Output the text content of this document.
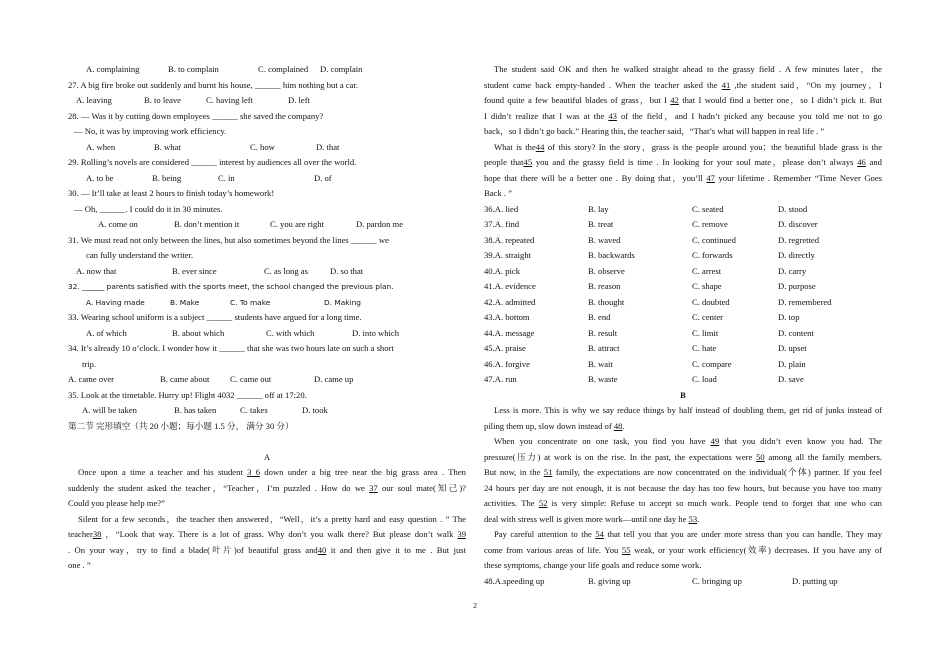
A. complaining	B. to complain	C. complained D. complain
27. A big fire broke out suddenly and burnt his house, ______ him nothing but a car.
A. leaving	B. to leave	C. having left	D. left
28. — Was it by cutting down employees ______ she saved the company?
— No, it was by improving work efficiency.
A. when	B. what	C. how	D. that
29. Rolling’s novels are considered ______ interest by audiences all over the world.
A. to be	B. being	C. in	D. of
30. — It’ll take at least 2 hours to finish today’s homework!
— Oh, ______. I could do it in 30 minutes.
A. come on	B. don’t mention it	C. you are right	D. pardon me
31. We must read not only between the lines, but also sometimes beyond the lines ______ we
can fully understand the writer.
A. now that	B. ever since	C. as long as	D. so that
32. ______ parents satisfied with the sports meet, the school changed the previous plan.
A. Having made	B. Make	C. To make	D. Making
33. Wearing school uniform is a subject ______ students have argued for a long time.
A. of which	B. about which	C. with which	D. into which
34. It’s already 10 o’clock. I wonder how it ______ that she was two hours late on such a short
trip.
A. came over	B. came about C. came out	D. came up
35. Look at the timetable. Hurry up! Flight 4032 ______ off at 17:20.
A. will be taken	B. has taken	C. takes	D. took
第二节 完形填空（共 20 小题；每小题 1.5 分， 满分 30 分）
A
Once upon a time a teacher and his student 3 6 down under a big tree near the big grass area . Then
suddenly the student asked the teacher，“Teacher，I’m puzzled . How do we 37 our soul mate(知己)?
Could you please help me?”
Silent for a few seconds，the teacher then answered，“Well，it’s a pretty hard and easy question . ” The
teacher38 ，“Look that way. There is a lot of grass. Why don’t you walk there? But please don’t walk 39
. On your way，try to find a blade(叶片)of beautiful grass and40 it and then give it to me . But just
one . ”
The student said OK and then he walked straight ahead to the grassy field . A few minutes later，the
student came back empty-handed . When the teacher asked the 41 ,the student said，“On my journey，I
found quite a few beautiful blades of grass，but I 42 that I would find a better one，so I didn’t pick it. But
I didn’t realize that I was at the 43 of the field，and I hadn’t picked any because you told me not to go
back，so I didn’t go back.” Hearing this, the teacher said，“That’s what will happen in real life . ”
What is the44 of this story? In the story，grass is the people around you；the beautiful blade grass is the
people that45 you and the grassy field is time . In looking for your soul mate，please don’t always 46 and
hope that there will be a better one . By doing that，you’ll 47 your lifetime . Remember “Time Never Goes
Back . ”
36.A. lied	B. lay	C. seated	D. stood
37.A. find	B. treat	C. remove	D. discover
38.A. repeated	B. waved	C. continued	D. regretted
39.A. straight	B. backwards	C. forwards	D. directly
40.A. pick	B. observe	C. arrest	D. carry
41.A. evidence	B. reason	C. shape	D. purpose
42.A. admitted	B. thought	C. doubted	D. remembered
43.A. bottom	B. end	C. center	D. top
44.A. message	B. result	C. limit	D. content
45.A. praise	B. attract	C. hate	D. upset
46.A. forgive	B. wait	C. compare	D. plain
47.A. run	B. waste	C. load	D. save
B
Less is more. This is why we say reduce things by half instead of doubling them, get rid of junks instead of
piling them up, slow down instead of 48.
When you concentrate on one task, you find you have 49 that you didn’t even know you had. The
pressure(压力) at work is on the rise. In the past, the expectations were 50 among all the family members.
But now, in the 51 family, the expectations are now concentrated on the individual(个体) partner. If you feel
24 hours per day are not enough, it is not because the day has too few hours, but because you have too many
activities. The 52 is very simple: Refuse to accept so much work. People tend to forget that one who can
deal with stress well is given more work—until one day he 53.
Pay careful attention to the 54 that tell you that you are under more stress than you can handle. They may
come from various areas of life. You 55 weak, or your work efficiency(效率) decreases. If you have any of
these symptoms, change your life goals and reduce some work.
48.A.speeding up	B. giving up	C. bringing up	D. putting up
2
